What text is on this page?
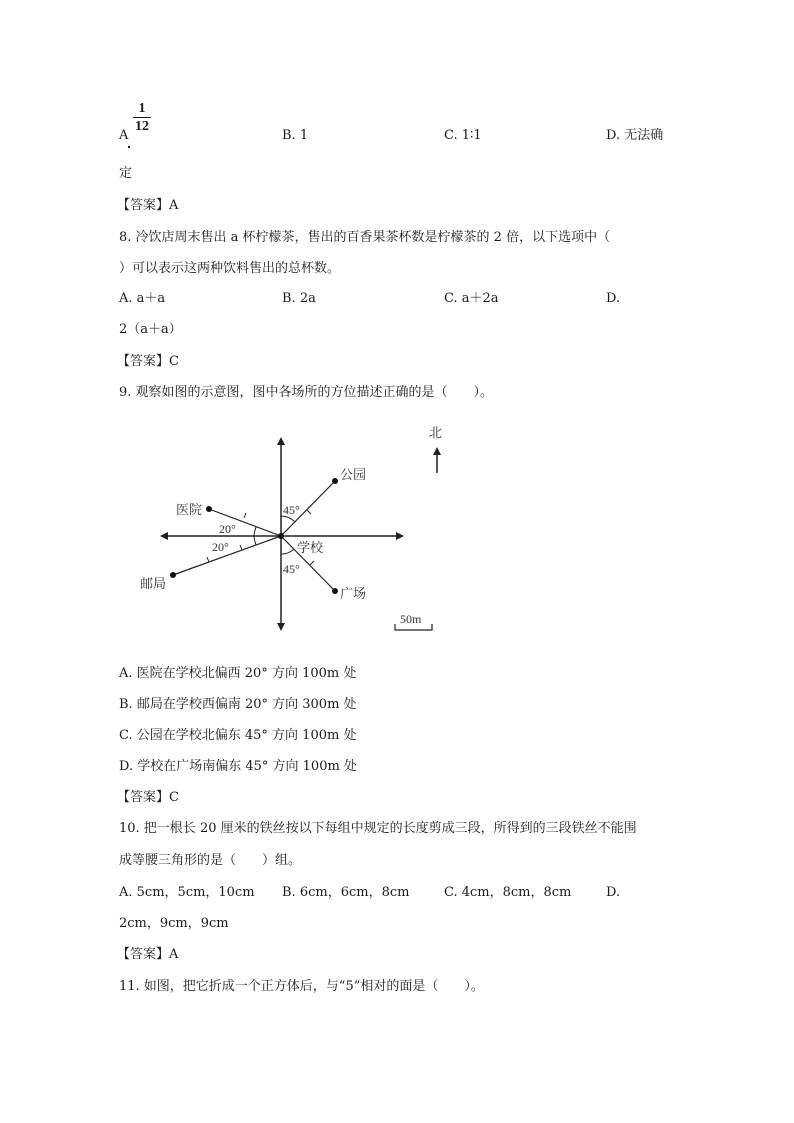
A
1
12
B. 1	C. 1∶1	D. 无法确
定
【答案】A
8. 冷饮店周末售出 a 杯柠檬茶，售出的百香果茶杯数是柠檬茶的 2 倍，以下选项中（
）可以表示这两种饮料售出的总杯数。
A. a＋a	B. 2a	C. a＋2a	D.
2（a＋a）
【答案】C
9. 观察如图的示意图，图中各场所的方位描述正确的是（　　）。
医院
邮局
公园
广场
学校
20°
20°
45°
45°
北
50m
A. 医院在学校北偏西 20° 方向 100m 处
B. 邮局在学校西偏南 20° 方向 300m 处
C. 公园在学校北偏东 45° 方向 100m 处
D. 学校在广场南偏东 45° 方向 100m 处
【答案】C
10. 把一根长 20 厘米的铁丝按以下每组中规定的长度剪成三段，所得到的三段铁丝不能围
成等腰三角形的是（　　）组。
A. 5cm，5cm，10cm B. 6cm，6cm，8cm	C. 4cm，8cm，8cm	D.
2cm，9cm，9cm
【答案】A
11. 如图，把它折成一个正方体后，与“5”相对的面是（　　）。
